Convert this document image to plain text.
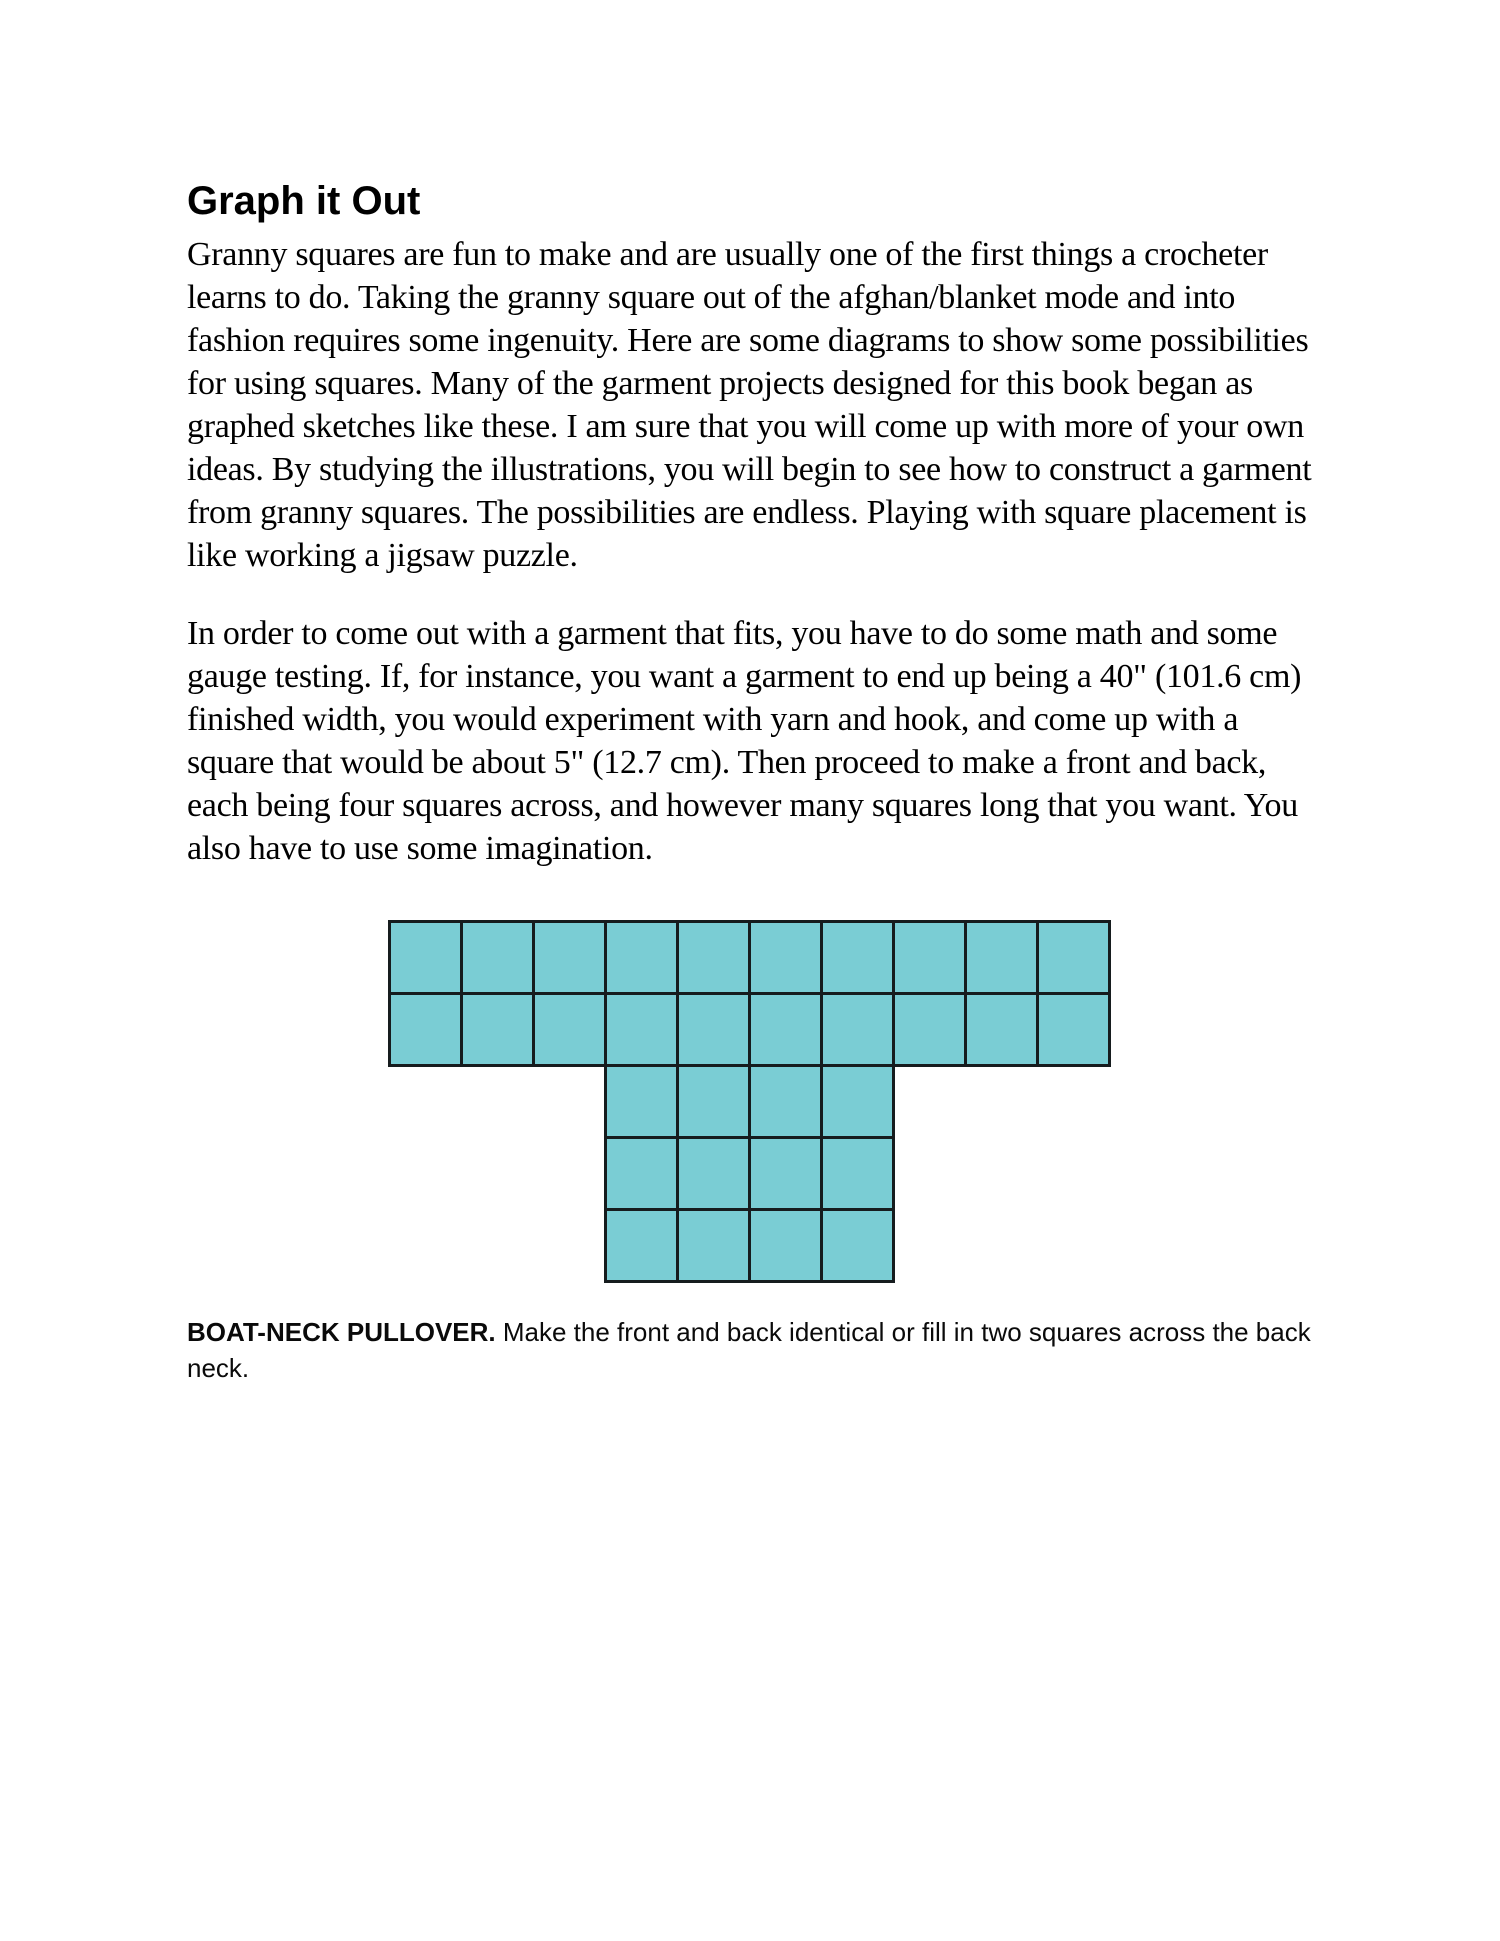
Graph it Out

Granny squares are fun to make and are usually one of the first things a crocheter learns to do. Taking the granny square out of the afghan/blanket mode and into fashion requires some ingenuity. Here are some diagrams to show some possibilities for using squares. Many of the garment projects designed for this book began as graphed sketches like these. I am sure that you will come up with more of your own ideas. By studying the illustrations, you will begin to see how to construct a garment from granny squares. The possibilities are endless. Playing with square placement is like working a jigsaw puzzle.

In order to come out with a garment that fits, you have to do some math and some gauge testing. If, for instance, you want a garment to end up being a 40" (101.6 cm) finished width, you would experiment with yarn and hook, and come up with a square that would be about 5" (12.7 cm). Then proceed to make a front and back, each being four squares across, and however many squares long that you want. You also have to use some imagination.

BOAT-NECK PULLOVER. Make the front and back identical or fill in two squares across the back neck.
